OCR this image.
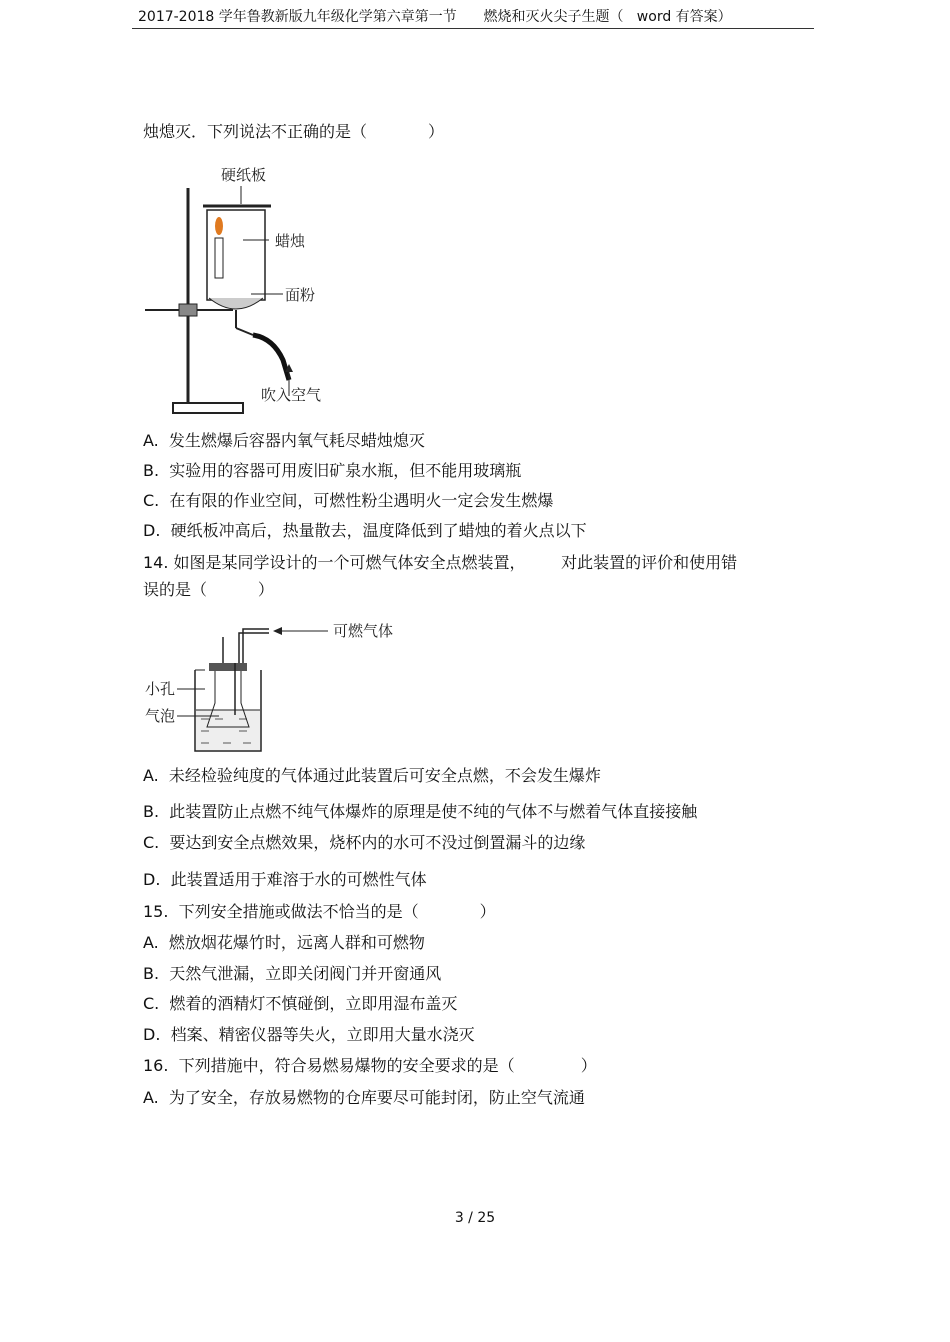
2017-2018 学年鲁教新版九年级化学第六章第一节      燃烧和灭火尖子生题（   word 有答案）
烛熄灭．下列说法不正确的是（            ）
硬纸板
蜡烛
面粉
吹入空气
A.  发生燃爆后容器内氧气耗尽蜡烛熄灭
B.  实验用的容器可用废旧矿泉水瓶，但不能用玻璃瓶
C.  在有限的作业空间，可燃性粉尘遇明火一定会发生燃爆
D.  硬纸板冲高后，热量散去，温度降低到了蜡烛的着火点以下
14. 如图是某同学设计的一个可燃气体安全点燃装置，       对此装置的评价和使用错
误的是（          ）
可燃气体
小孔
气泡
A.  未经检验纯度的气体通过此装置后可安全点燃，不会发生爆炸
B.  此装置防止点燃不纯气体爆炸的原理是使不纯的气体不与燃着气体直接接触
C.  要达到安全点燃效果，烧杯内的水可不没过倒置漏斗的边缘
D.  此装置适用于难溶于水的可燃性气体
15.  下列安全措施或做法不恰当的是（            ）
A.  燃放烟花爆竹时，远离人群和可燃物
B.  天然气泄漏，立即关闭阀门并开窗通风
C.  燃着的酒精灯不慎碰倒，立即用湿布盖灭
D.  档案、精密仪器等失火，立即用大量水浇灭
16.  下列措施中，符合易燃易爆物的安全要求的是（             ）
A.  为了安全，存放易燃物的仓库要尽可能封闭，防止空气流通
3 / 25
